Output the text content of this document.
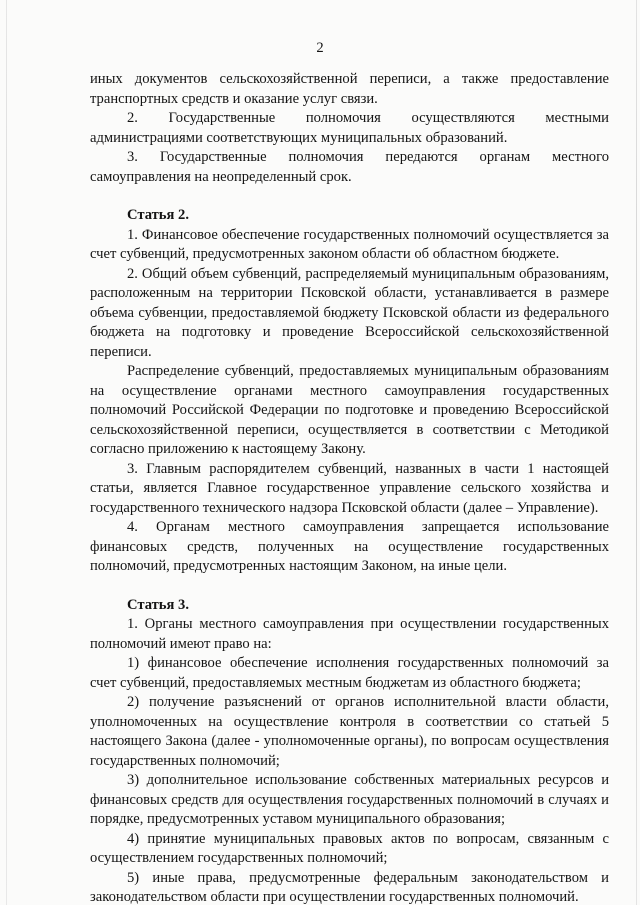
2

иных документов сельскохозяйственной переписи, а также предоставление транспортных средств и оказание услуг связи.

2. Государственные полномочия осуществляются местными администрациями соответствующих муниципальных образований.

3. Государственные полномочия передаются органам местного самоуправления на неопределенный срок.

Статья 2.

1. Финансовое обеспечение государственных полномочий осуществляется за счет субвенций, предусмотренных законом области об областном бюджете.

2. Общий объем субвенций, распределяемый муниципальным образованиям, расположенным на территории Псковской области, устанавливается в размере объема субвенции, предоставляемой бюджету Псковской области из федерального бюджета на подготовку и проведение Всероссийской сельскохозяйственной переписи.

Распределение субвенций, предоставляемых муниципальным образованиям на осуществление органами местного самоуправления государственных полномочий Российской Федерации по подготовке и проведению Всероссийской сельскохозяйственной переписи, осуществляется в соответствии с Методикой согласно приложению к настоящему Закону.

3. Главным распорядителем субвенций, названных в части 1 настоящей статьи, является Главное государственное управление сельского хозяйства и государственного технического надзора Псковской области (далее – Управление).

4. Органам местного самоуправления запрещается использование финансовых средств, полученных на осуществление государственных полномочий, предусмотренных настоящим Законом, на иные цели.

Статья 3.

1. Органы местного самоуправления при осуществлении государственных полномочий имеют право на:

1) финансовое обеспечение исполнения государственных полномочий за счет субвенций, предоставляемых местным бюджетам из областного бюджета;

2) получение разъяснений от органов исполнительной власти области, уполномоченных на осуществление контроля в соответствии со статьей 5 настоящего Закона (далее - уполномоченные органы), по вопросам осуществления государственных полномочий;

3) дополнительное использование собственных материальных ресурсов и финансовых средств для осуществления государственных полномочий в случаях и порядке, предусмотренных уставом муниципального образования;

4) принятие муниципальных правовых актов по вопросам, связанным с осуществлением государственных полномочий;

5) иные права, предусмотренные федеральным законодательством и законодательством области при осуществлении государственных полномочий.
